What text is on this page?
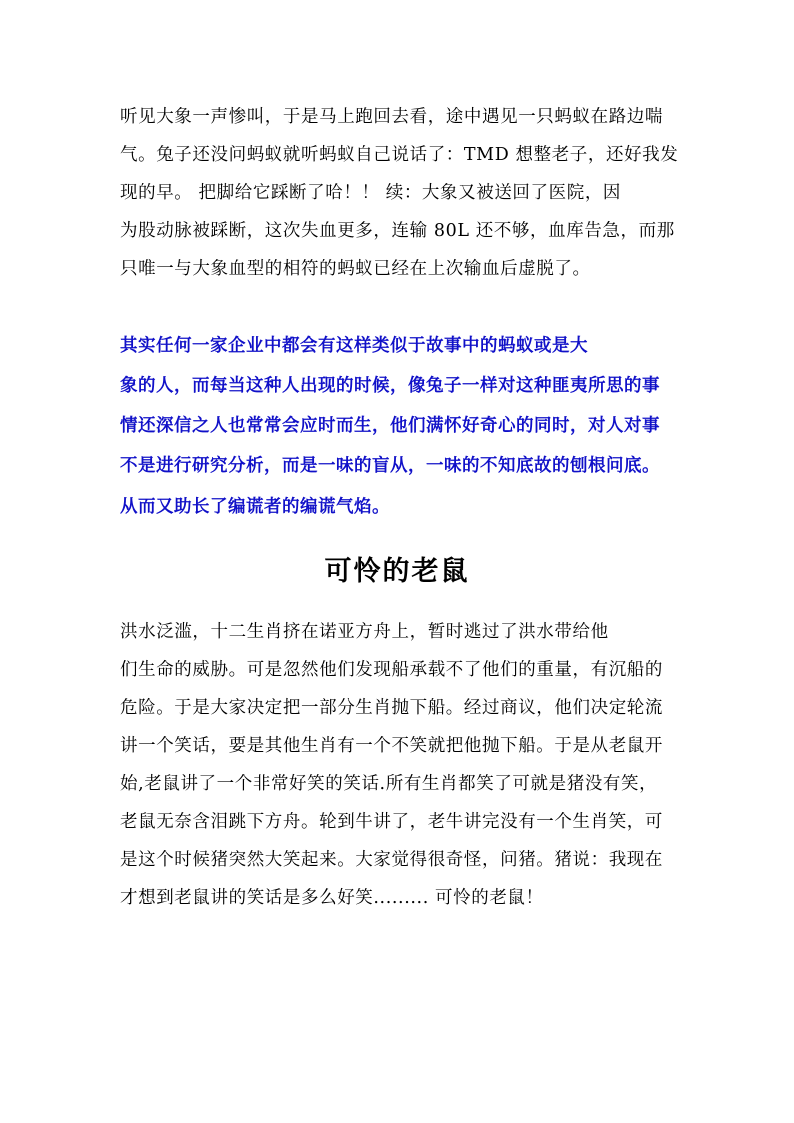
听见大象一声惨叫，于是马上跑回去看，途中遇见一只蚂蚁在路边喘
气。兔子还没问蚂蚁就听蚂蚁自己说话了：TMD 想整老子，还好我发
现的早。 把脚给它踩断了哈！！ 续：大象又被送回了医院，因
为股动脉被踩断，这次失血更多，连输 80L 还不够，血库告急，而那
只唯一与大象血型的相符的蚂蚁已经在上次输血后虚脱了。
其实任何一家企业中都会有这样类似于故事中的蚂蚁或是大
象的人，而每当这种人出现的时候，像兔子一样对这种匪夷所思的事
情还深信之人也常常会应时而生，他们满怀好奇心的同时，对人对事
不是进行研究分析，而是一味的盲从，一味的不知底故的刨根问底。
从而又助长了编谎者的编谎气焰。
可怜的老鼠
洪水泛滥，十二生肖挤在诺亚方舟上，暂时逃过了洪水带给他
们生命的威胁。可是忽然他们发现船承载不了他们的重量，有沉船的
危险。于是大家决定把一部分生肖抛下船。经过商议，他们决定轮流
讲一个笑话，要是其他生肖有一个不笑就把他抛下船。于是从老鼠开
始,老鼠讲了一个非常好笑的笑话.所有生肖都笑了可就是猪没有笑，
老鼠无奈含泪跳下方舟。轮到牛讲了，老牛讲完没有一个生肖笑，可
是这个时候猪突然大笑起来。大家觉得很奇怪，问猪。猪说：我现在
才想到老鼠讲的笑话是多么好笑......... 可怜的老鼠！
